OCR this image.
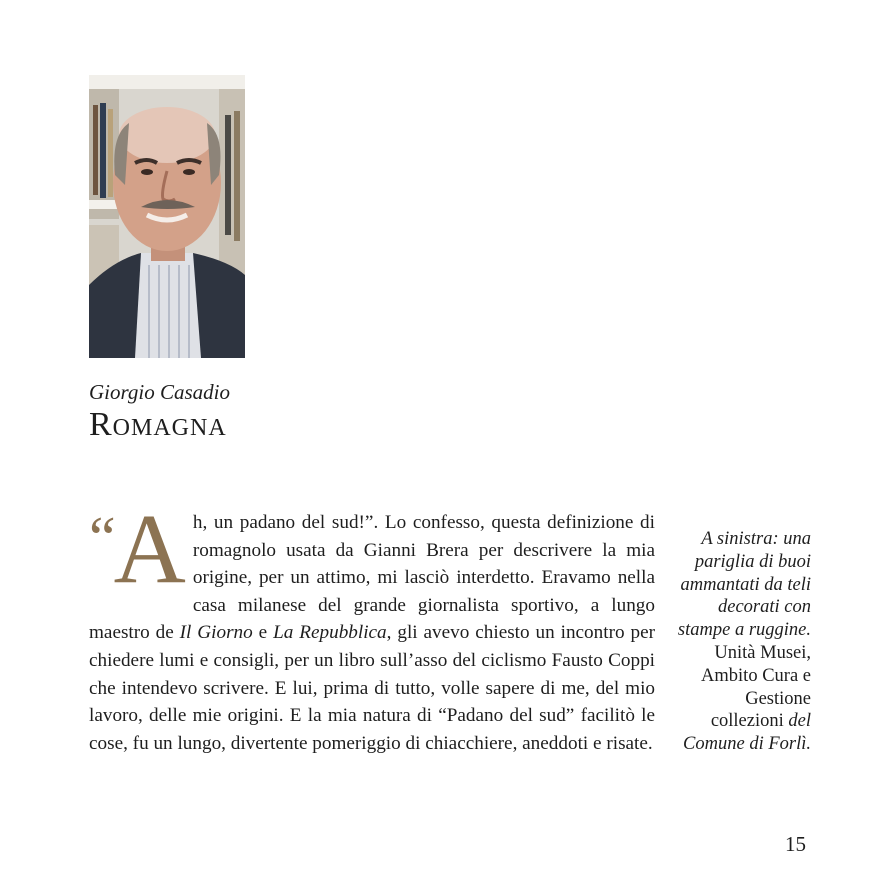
Giorgio Casadio
Romagna
“ A h, un padano del sud!”. Lo confesso, questa definizione di romagnolo usata da Gianni Brera per descrivere la mia origine, per un attimo, mi lasciò interdetto. Eravamo nella casa milanese del grande giornalista sportivo, a lungo maestro de Il Giorno e La Repubblica, gli avevo chiesto un incontro per chiedere lumi e consigli, per un libro sull’asso del ciclismo Fausto Coppi che intendevo scrivere. E lui, prima di tutto, volle sapere di me, del mio lavoro, delle mie origini. E la mia natura di “Padano del sud” facilitò le cose, fu un lungo, divertente pomeriggio di chiacchiere, aneddoti e risate.
A sinistra: una pariglia di buoi ammantati da teli decorati con stampe a ruggine.
Unità Musei, Ambito Cura e Gestione collezioni del Comune di Forlì.
15
